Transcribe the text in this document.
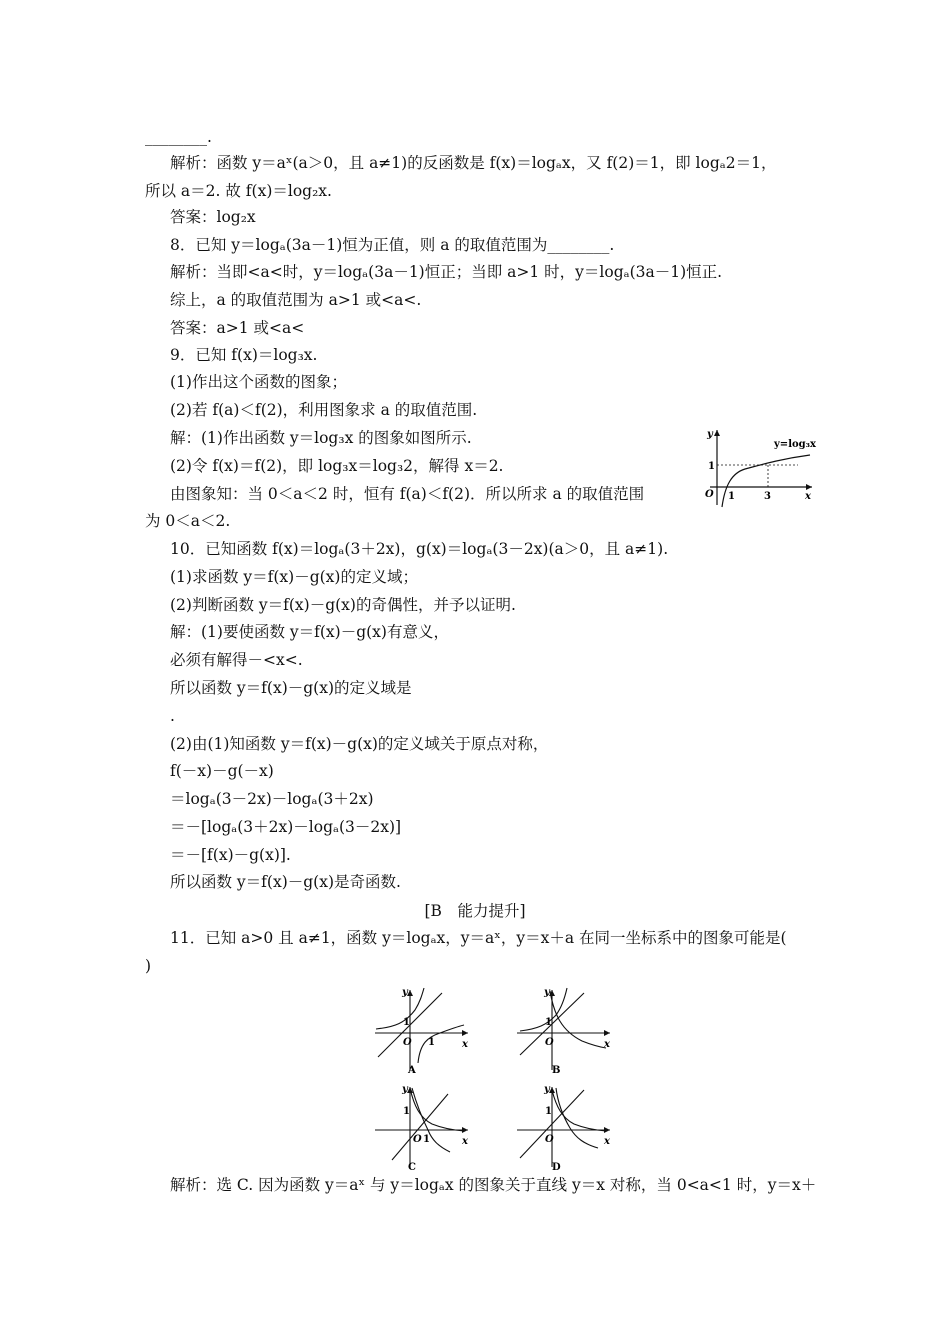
________.
解析：函数 y＝aˣ(a＞0，且 a≠1)的反函数是 f(x)＝logₐx，又 f(2)＝1，即 logₐ2＝1，
所以 a＝2. 故 f(x)＝log₂x.
答案：log₂x
8．已知 y＝logₐ(3a－1)恒为正值，则 a 的取值范围为________.
解析：当即<a<时，y＝logₐ(3a－1)恒正；当即 a>1 时，y＝logₐ(3a－1)恒正.
综上，a 的取值范围为 a>1 或<a<.
答案：a>1 或<a<
9．已知 f(x)＝log₃x.
(1)作出这个函数的图象；
(2)若 f(a)＜f(2)，利用图象求 a 的取值范围.
解：(1)作出函数 y＝log₃x 的图象如图所示.
(2)令 f(x)＝f(2)，即 log₃x＝log₃2，解得 x＝2.
由图象知：当 0＜a＜2 时，恒有 f(a)＜f(2)．所以所求 a 的取值范围
为 0＜a＜2.
10．已知函数 f(x)＝logₐ(3＋2x)，g(x)＝logₐ(3－2x)(a＞0，且 a≠1).
(1)求函数 y＝f(x)－g(x)的定义域；
(2)判断函数 y＝f(x)－g(x)的奇偶性，并予以证明.
解：(1)要使函数 y＝f(x)－g(x)有意义，
必须有解得－<x<.
所以函数 y＝f(x)－g(x)的定义域是
.
(2)由(1)知函数 y＝f(x)－g(x)的定义域关于原点对称，
f(－x)－g(－x)
＝logₐ(3－2x)－logₐ(3＋2x)
＝－[logₐ(3＋2x)－logₐ(3－2x)]
＝－[f(x)－g(x)].
所以函数 y＝f(x)－g(x)是奇函数.
[B　能力提升]
11．已知 a>0 且 a≠1，函数 y＝logₐx，y＝aˣ，y＝x＋a 在同一坐标系中的图象可能是(
)
解析：选 C. 因为函数 y＝aˣ 与 y＝logₐx 的图象关于直线 y＝x 对称，当 0<a<1 时，y＝x＋
y=log₃x
y
x
O 1	3
1
y
x
O
1
1
A
y
x
O
1
B
y
x
O
1
1
C
y
x
O
1
D
